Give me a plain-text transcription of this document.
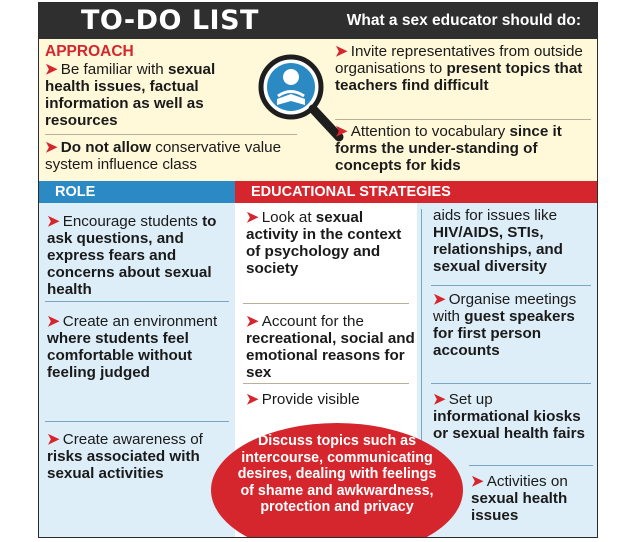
TO-DO LIST	What a sex educator should do:
APPROACH
➤ Be familiar with sexual health issues, factual information as well as resources
➤ Do not allow conservative value system influence class
➤ Invite representatives from outside organisations to present topics that teachers find difficult
➤ Attention to vocabulary since it forms the under-standing of concepts for kids
ROLE	EDUCATIONAL STRATEGIES
➤ Encourage students to ask questions, and express fears and concerns about sexual health
➤ Create an environment where students feel comfortable without feeling judged
➤ Create awareness of risks associated with sexual activities
➤ Look at sexual activity in the context of psychology and society
➤ Account for the recreational, social and emotional reasons for sex
➤ Provide visible
aids for issues like HIV/AIDS, STIs, relationships, and sexual diversity
➤ Organise meetings with guest speakers for first person accounts
➤ Set up informational kiosks or sexual health fairs
➤ Activities on sexual health issues
Discuss topics such as intercourse, communicating desires, dealing with feelings of shame and awkwardness, protection and privacy
